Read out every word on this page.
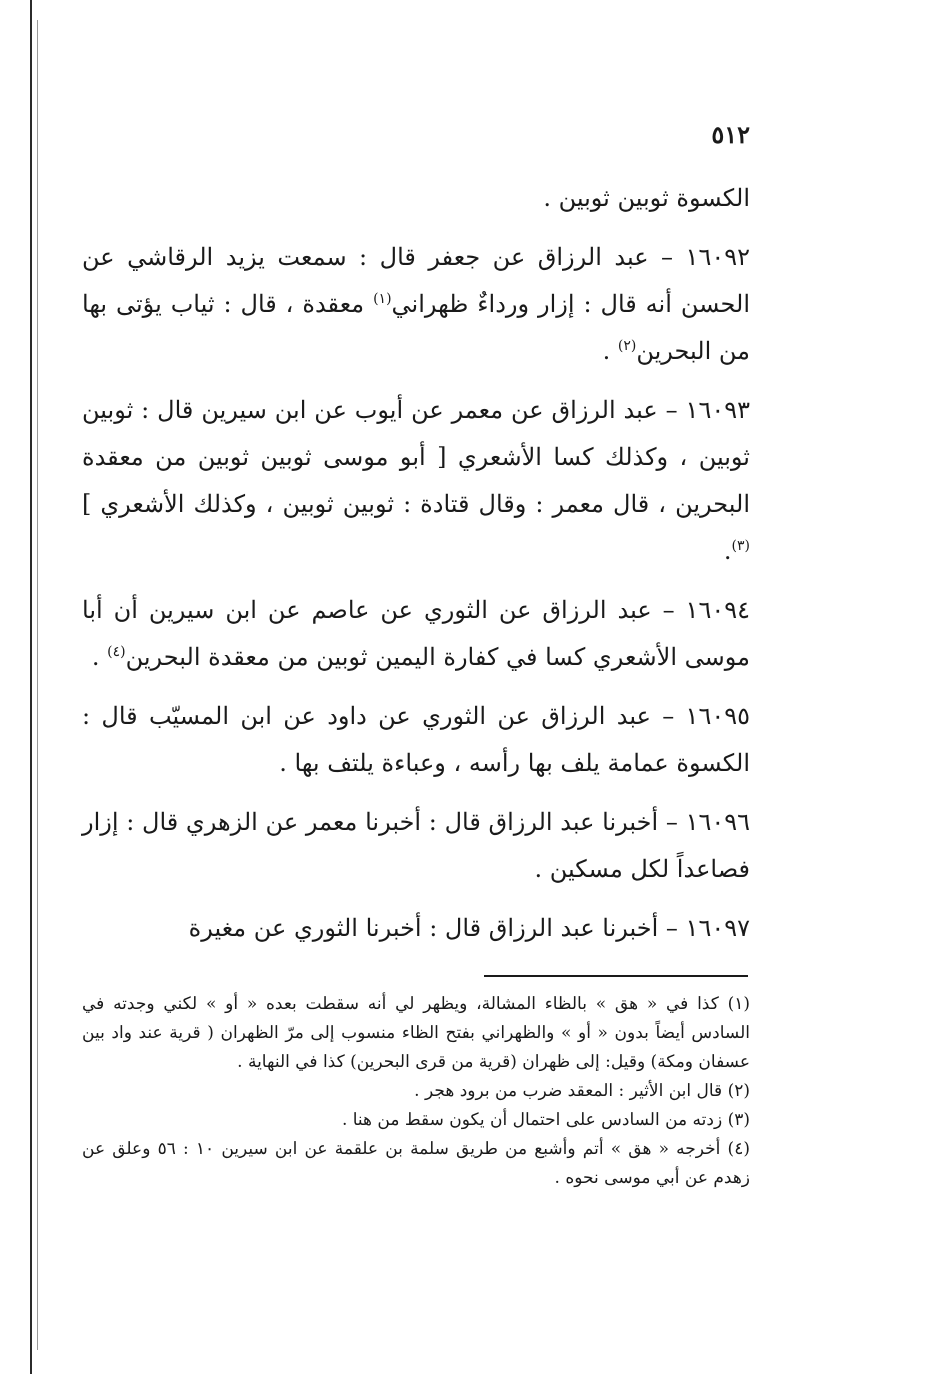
٥١٢

الكسوة ثوبين ثوبين .

١٦٠٩٢ – عبد الرزاق عن جعفر قال : سمعت يزيد الرقاشي عن الحسن أنه قال : إزار ورداءٌ ظهراني$^{(١)}$ معقدة ، قال : ثياب يؤتى بها من البحرين$^{(٢)}$ .

١٦٠٩٣ – عبد الرزاق عن معمر عن أيوب عن ابن سيرين قال : ثوبين ثوبين ، وكذلك كسا الأشعري [ أبو موسى ثوبين ثوبين من معقدة البحرين ، قال معمر : وقال قتادة : ثوبين ثوبين ، وكذلك الأشعري ] $^{(٣)}$.

١٦٠٩٤ – عبد الرزاق عن الثوري عن عاصم عن ابن سيرين أن أبا موسى الأشعري كسا في كفارة اليمين ثوبين من معقدة البحرين$^{(٤)}$ .

١٦٠٩٥ – عبد الرزاق عن الثوري عن داود عن ابن المسيّب قال : الكسوة عمامة يلف بها رأسه ، وعباءة يلتف بها .

١٦٠٩٦ – أخبرنا عبد الرزاق قال : أخبرنا معمر عن الزهري قال : إزار فصاعداً لكل مسكين .

١٦٠٩٧ – أخبرنا عبد الرزاق قال : أخبرنا الثوري عن مغيرة

(١) كذا في « هق » بالظاء المشالة، ويظهر لي أنه سقطت بعده « أو » لكني وجدته في السادس أيضاً بدون « أو » والظهراني بفتح الظاء منسوب إلى مرّ الظهران ( قرية عند واد بين عسفان ومكة) وقيل: إلى ظهران (قرية من قرى البحرين) كذا في النهاية .

(٢) قال ابن الأثير : المعقد ضرب من برود هجر .

(٣) زدته من السادس على احتمال أن يكون سقط من هنا .

(٤) أخرجه « هق » أتم وأشبع من طريق سلمة بن علقمة عن ابن سيرين ١٠ : ٥٦ وعلق عن زهدم عن أبي موسى نحوه .
